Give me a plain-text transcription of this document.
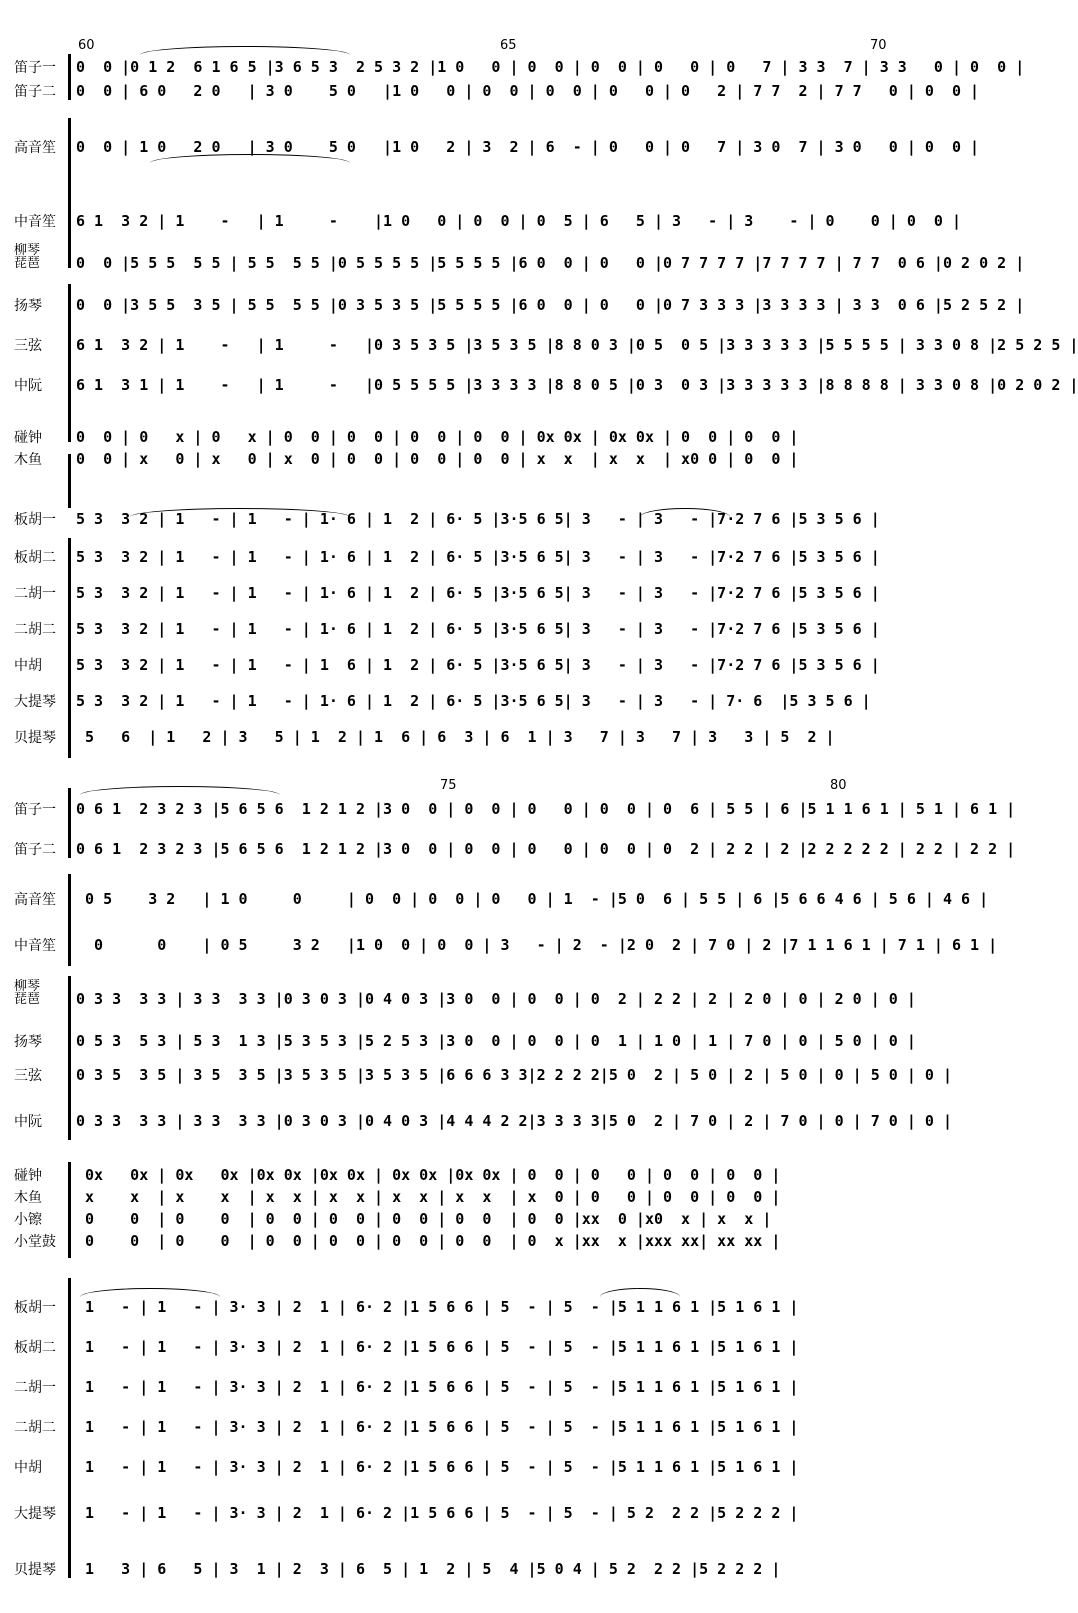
60	65	70
笛子一	0  0 |0 1 2  6 1 6 5 |3 6 5 3  2 5 3 2 |1 0   0 | 0  0 | 0  0 | 0   0 | 0   7 | 3 3  7 | 3 3   0 | 0  0 |
笛子二	0  0 | 6 0   2 0   | 3 0    5 0   |1 0   0 | 0  0 | 0  0 | 0   0 | 0   2 | 7 7  2 | 7 7   0 | 0  0 |
高音笙	0  0 | 1 0   2 0   | 3 0    5 0   |1 0   2 | 3  2 | 6  - | 0   0 | 0   7 | 3 0  7 | 3 0   0 | 0  0 |
中音笙	6 1  3 2 | 1    -   | 1     -    |1 0   0 | 0  0 | 0  5 | 6   5 | 3   - | 3    - | 0    0 | 0  0 |
柳琴 琵琶	0  0 |5 5 5  5 5 | 5 5  5 5 |0 5 5 5 5 |5 5 5 5 |6 0  0 | 0   0 |0 7 7 7 7 |7 7 7 7 | 7 7  0 6 |0 2 0 2 |
扬琴	0  0 |3 5 5  3 5 | 5 5  5 5 |0 3 5 3 5 |5 5 5 5 |6 0  0 | 0   0 |0 7 3 3 3 |3 3 3 3 | 3 3  0 6 |5 2 5 2 |
三弦	6 1  3 2 | 1    -   | 1     -   |0 3 5 3 5 |3 5 3 5 |8 8 0 3 |0 5  0 5 |3 3 3 3 3 |5 5 5 5 | 3 3 0 8 |2 5 2 5 |
中阮	6 1  3 1 | 1    -   | 1     -   |0 5 5 5 5 |3 3 3 3 |8 8 0 5 |0 3  0 3 |3 3 3 3 3 |8 8 8 8 | 3 3 0 8 |0 2 0 2 |
碰钟	0  0 | 0   x | 0   x | 0  0 | 0  0 | 0  0 | 0  0 | 0x 0x | 0x 0x | 0  0 | 0  0 |
木鱼	0  0 | x   0 | x   0 | x  0 | 0  0 | 0  0 | 0  0 | x  x  | x  x  | x0 0 | 0  0 |
板胡一	5 3  3 2 | 1   - | 1   - | 1· 6 | 1  2 | 6· 5 |3·5 6 5| 3   - | 3   - |7·2 7 6 |5 3 5 6 |
板胡二	5 3  3 2 | 1   - | 1   - | 1· 6 | 1  2 | 6· 5 |3·5 6 5| 3   - | 3   - |7·2 7 6 |5 3 5 6 |
二胡一	5 3  3 2 | 1   - | 1   - | 1· 6 | 1  2 | 6· 5 |3·5 6 5| 3   - | 3   - |7·2 7 6 |5 3 5 6 |
二胡二	5 3  3 2 | 1   - | 1   - | 1· 6 | 1  2 | 6· 5 |3·5 6 5| 3   - | 3   - |7·2 7 6 |5 3 5 6 |
中胡	5 3  3 2 | 1   - | 1   - | 1  6 | 1  2 | 6· 5 |3·5 6 5| 3   - | 3   - |7·2 7 6 |5 3 5 6 |
大提琴	5 3  3 2 | 1   - | 1   - | 1· 6 | 1  2 | 6· 5 |3·5 6 5| 3   - | 3   - | 7· 6  |5 3 5 6 |
贝提琴	5   6  | 1   2 | 3   5 | 1  2 | 1  6 | 6  3 | 6  1 | 3   7 | 3   7 | 3   3 | 5  2 |
75	80
笛子一	0 6 1  2 3 2 3 |5 6 5 6  1 2 1 2 |3 0  0 | 0  0 | 0   0 | 0  0 | 0  6 | 5 5 | 6 |5 1 1 6 1 | 5 1 | 6 1 |
笛子二	0 6 1  2 3 2 3 |5 6 5 6  1 2 1 2 |3 0  0 | 0  0 | 0   0 | 0  0 | 0  2 | 2 2 | 2 |2 2 2 2 2 | 2 2 | 2 2 |
高音笙	0 5    3 2   | 1 0     0     | 0  0 | 0  0 | 0   0 | 1  - |5 0  6 | 5 5 | 6 |5 6 6 4 6 | 5 6 | 4 6 |
中音笙	0      0    | 0 5     3 2   |1 0  0 | 0  0 | 3   - | 2  - |2 0  2 | 7 0 | 2 |7 1 1 6 1 | 7 1 | 6 1 |
柳琴 琵琶	0 3 3  3 3 | 3 3  3 3 |0 3 0 3 |0 4 0 3 |3 0  0 | 0  0 | 0  2 | 2 2 | 2 | 2 0 | 0 | 2 0 | 0 |
扬琴	0 5 3  5 3 | 5 3  1 3 |5 3 5 3 |5 2 5 3 |3 0  0 | 0  0 | 0  1 | 1 0 | 1 | 7 0 | 0 | 5 0 | 0 |
三弦	0 3 5  3 5 | 3 5  3 5 |3 5 3 5 |3 5 3 5 |6 6 6 3 3|2 2 2 2|5 0  2 | 5 0 | 2 | 5 0 | 0 | 5 0 | 0 |
中阮	0 3 3  3 3 | 3 3  3 3 |0 3 0 3 |0 4 0 3 |4 4 4 2 2|3 3 3 3|5 0  2 | 7 0 | 2 | 7 0 | 0 | 7 0 | 0 |
碰钟	0x   0x | 0x   0x |0x 0x |0x 0x | 0x 0x |0x 0x | 0  0 | 0   0 | 0  0 | 0  0 |
木鱼	x    x  | x    x  | x  x | x  x | x  x | x  x  | x  0 | 0   0 | 0  0 | 0  0 |
小镲	0    0  | 0    0  | 0  0 | 0  0 | 0  0 | 0  0  | 0  0 |xx  0 |x0  x | x  x |
小堂鼓	0    0  | 0    0  | 0  0 | 0  0 | 0  0 | 0  0  | 0  x |xx  x |xxx xx| xx xx |
板胡一	1   - | 1   - | 3· 3 | 2  1 | 6· 2 |1 5 6 6 | 5  - | 5  - |5 1 1 6 1 |5 1 6 1 |
板胡二	1   - | 1   - | 3· 3 | 2  1 | 6· 2 |1 5 6 6 | 5  - | 5  - |5 1 1 6 1 |5 1 6 1 |
二胡一	1   - | 1   - | 3· 3 | 2  1 | 6· 2 |1 5 6 6 | 5  - | 5  - |5 1 1 6 1 |5 1 6 1 |
二胡二	1   - | 1   - | 3· 3 | 2  1 | 6· 2 |1 5 6 6 | 5  - | 5  - |5 1 1 6 1 |5 1 6 1 |
中胡	1   - | 1   - | 3· 3 | 2  1 | 6· 2 |1 5 6 6 | 5  - | 5  - |5 1 1 6 1 |5 1 6 1 |
大提琴	1   - | 1   - | 3· 3 | 2  1 | 6· 2 |1 5 6 6 | 5  - | 5  - | 5 2  2 2 |5 2 2 2 |
贝提琴	1   3 | 6   5 | 3  1 | 2  3 | 6  5 | 1  2 | 5  4 |5 0 4 | 5 2  2 2 |5 2 2 2 |
